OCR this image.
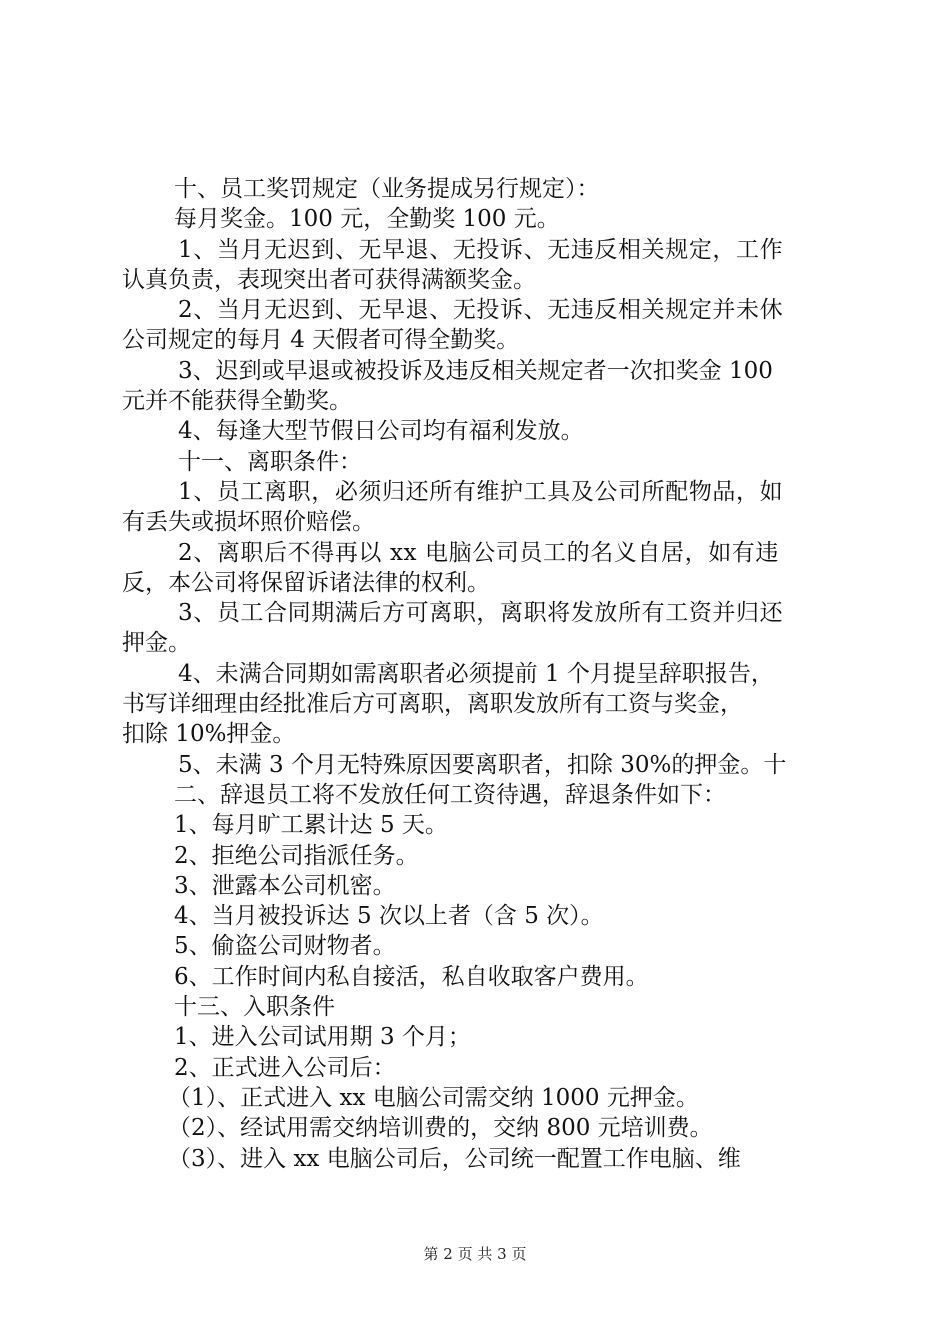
十、员工奖罚规定（业务提成另行规定）：
每月奖金。100 元，全勤奖 100 元。
1、当月无迟到、无早退、无投诉、无违反相关规定，工作
认真负责，表现突出者可获得满额奖金。
2、当月无迟到、无早退、无投诉、无违反相关规定并未休
公司规定的每月 4 天假者可得全勤奖。
3、迟到或早退或被投诉及违反相关规定者一次扣奖金 100
元并不能获得全勤奖。
4、每逢大型节假日公司均有福利发放。
十一、离职条件：
1、员工离职，必须归还所有维护工具及公司所配物品，如
有丢失或损坏照价赔偿。
2、离职后不得再以 xx 电脑公司员工的名义自居，如有违
反，本公司将保留诉诸法律的权利。
3、员工合同期满后方可离职，离职将发放所有工资并归还
押金。
4、未满合同期如需离职者必须提前 1 个月提呈辞职报告，
书写详细理由经批准后方可离职，离职发放所有工资与奖金，
扣除 10%押金。
5、未满 3 个月无特殊原因要离职者，扣除 30%的押金。十
二、辞退员工将不发放任何工资待遇，辞退条件如下：
1、每月旷工累计达 5 天。
2、拒绝公司指派任务。
3、泄露本公司机密。
4、当月被投诉达 5 次以上者（含 5 次）。
5、偷盗公司财物者。
6、工作时间内私自接活，私自收取客户费用。
十三、入职条件
1、进入公司试用期 3 个月；
2、正式进入公司后：
（1）、正式进入 xx 电脑公司需交纳 1000 元押金。
（2）、经试用需交纳培训费的，交纳 800 元培训费。
（3）、进入 xx 电脑公司后，公司统一配置工作电脑、维
第 2 页 共 3 页
